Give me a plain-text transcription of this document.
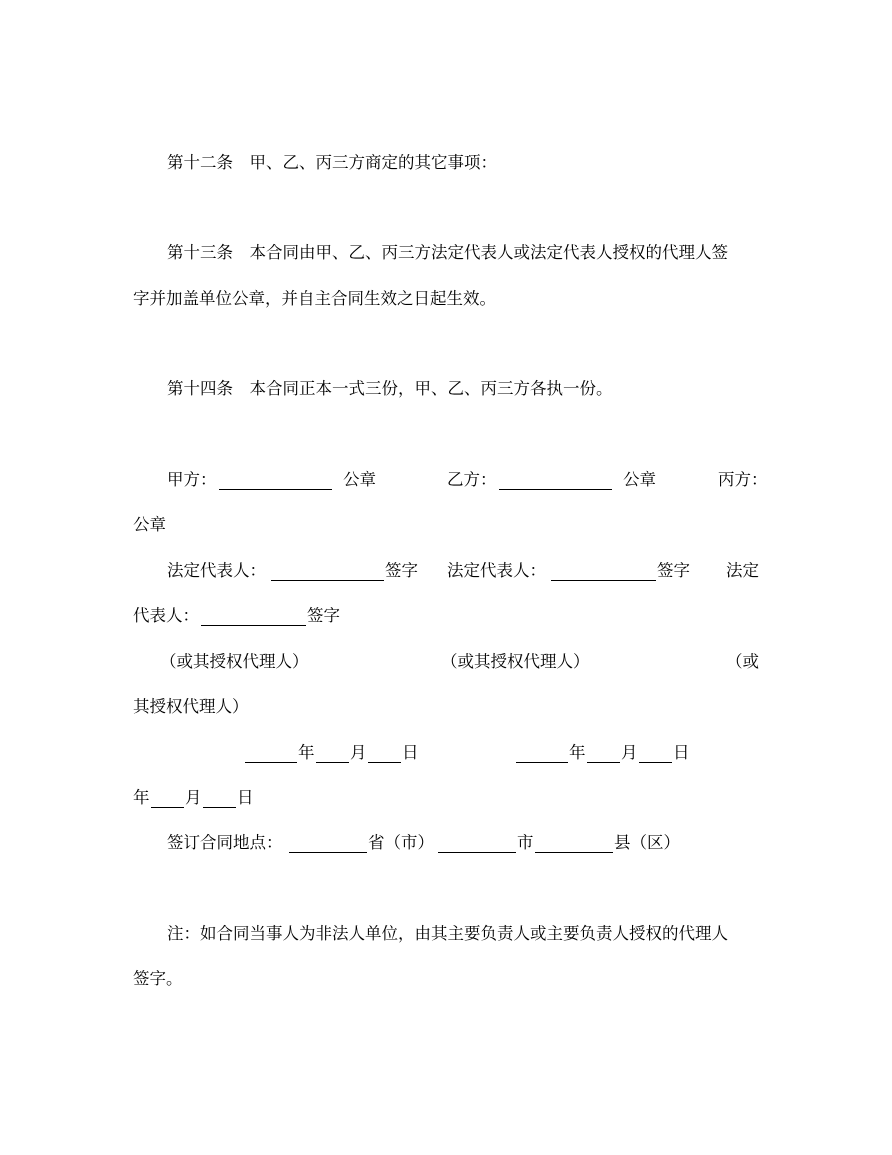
第十二条　甲、乙、丙三方商定的其它事项：
第十三条　本合同由甲、乙、丙三方法定代表人或法定代表人授权的代理人签
字并加盖单位公章，并自主合同生效之日起生效。
第十四条　本合同正本一式三份，甲、乙、丙三方各执一份。
甲方：	公章	乙方：	公章	丙方：
公章
法定代表人：	签字 法定代表人：	签字 法定
代表人：	签字
（或其授权代理人）	（或其授权代理人）	（或
其授权代理人）
年 月 日	年 月 日
年 月 日
签订合同地点：	省（市）	市	县（区）
注：如合同当事人为非法人单位，由其主要负责人或主要负责人授权的代理人
签字。
